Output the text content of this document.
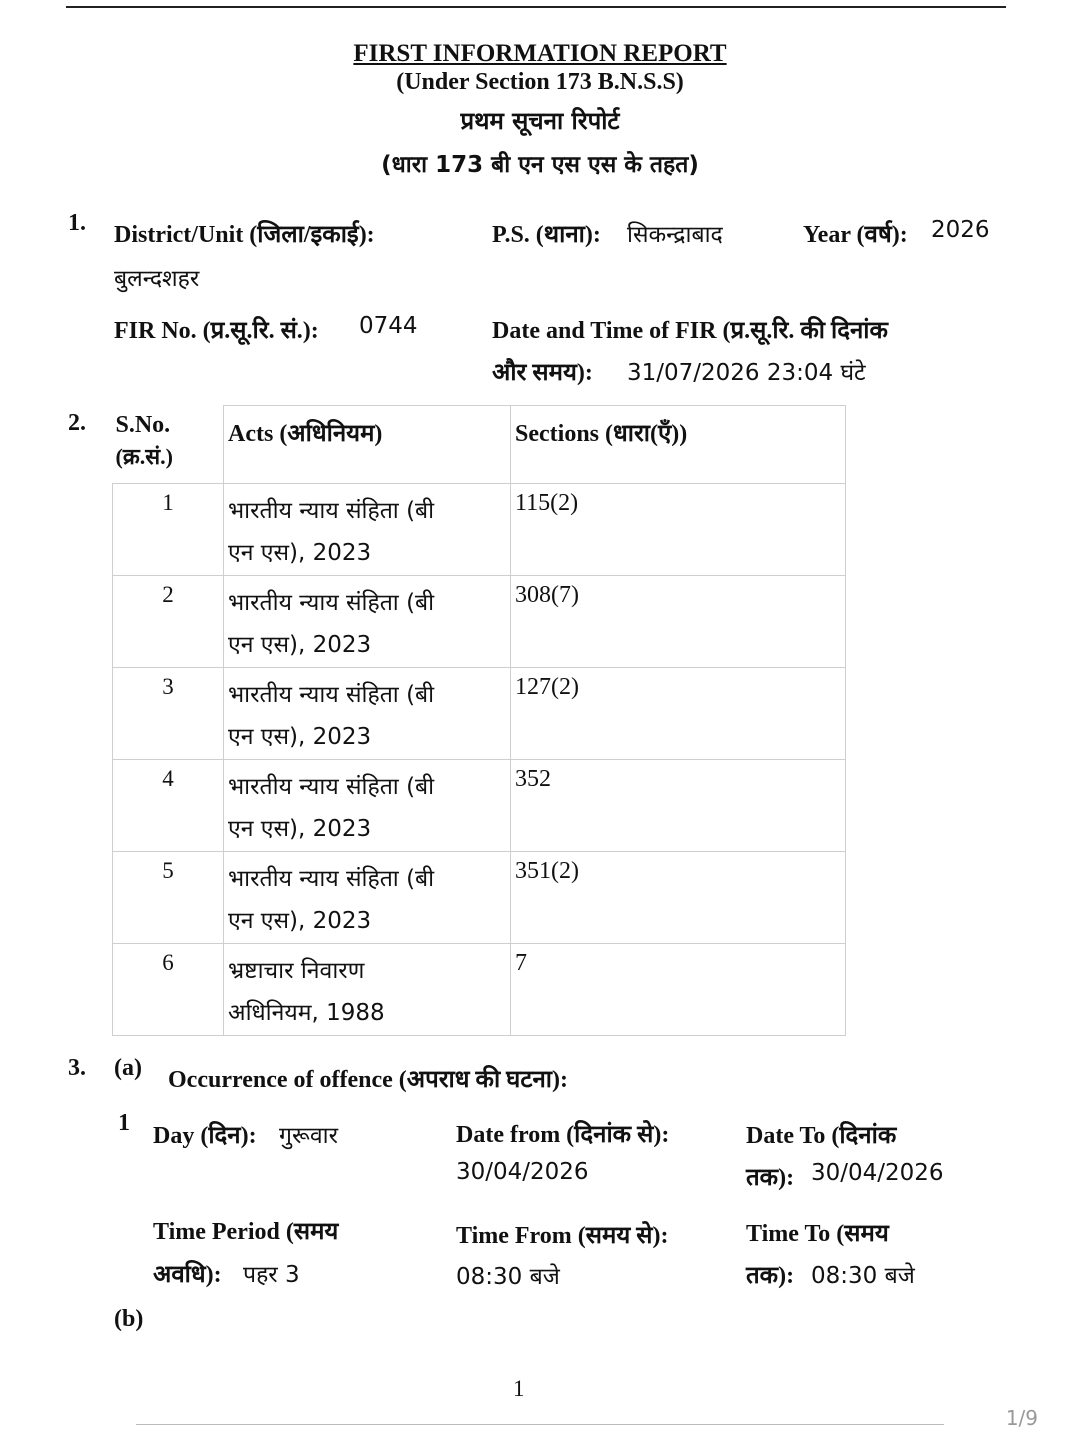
FIRST INFORMATION REPORT
(Under Section 173 B.N.S.S)
प्रथम सूचना रिपोर्ट
(धारा 173 बी एन एस एस के तहत)
1. District/Unit (जिला/इकाई):
बुलन्दशहर
P.S. (थाना): सिकन्द्राबाद	Year (वर्ष): 2026
FIR No. (प्र.सू.रि. सं.): 0744	Date and Time of FIR (प्र.सू.रि. की दिनांक
और समय): 31/07/2026 23:04 घंटे
2. S.No.
(क्र.सं.)	Acts (अधिनियम)	Sections (धारा(एँ))

1	भारतीय न्याय संहिता (बी
एन एस), 2023	115(2)

2	भारतीय न्याय संहिता (बी
एन एस), 2023	308(7)

3	भारतीय न्याय संहिता (बी
एन एस), 2023	127(2)

4	भारतीय न्याय संहिता (बी
एन एस), 2023	352

5	भारतीय न्याय संहिता (बी
एन एस), 2023	351(2)

6	भ्रष्टाचार निवारण
अधिनियम, 1988	7
3. (a) Occurrence of offence (अपराध की घटना):
1 Day (दिन): गुरूवार	Date from (दिनांक से):
30/04/2026
Date To (दिनांक
तक): 30/04/2026
Time Period (समय
अवधि): पहर 3
Time From (समय से):
08:30 बजे
Time To (समय
तक): 08:30 बजे
(b)
1
1/9
